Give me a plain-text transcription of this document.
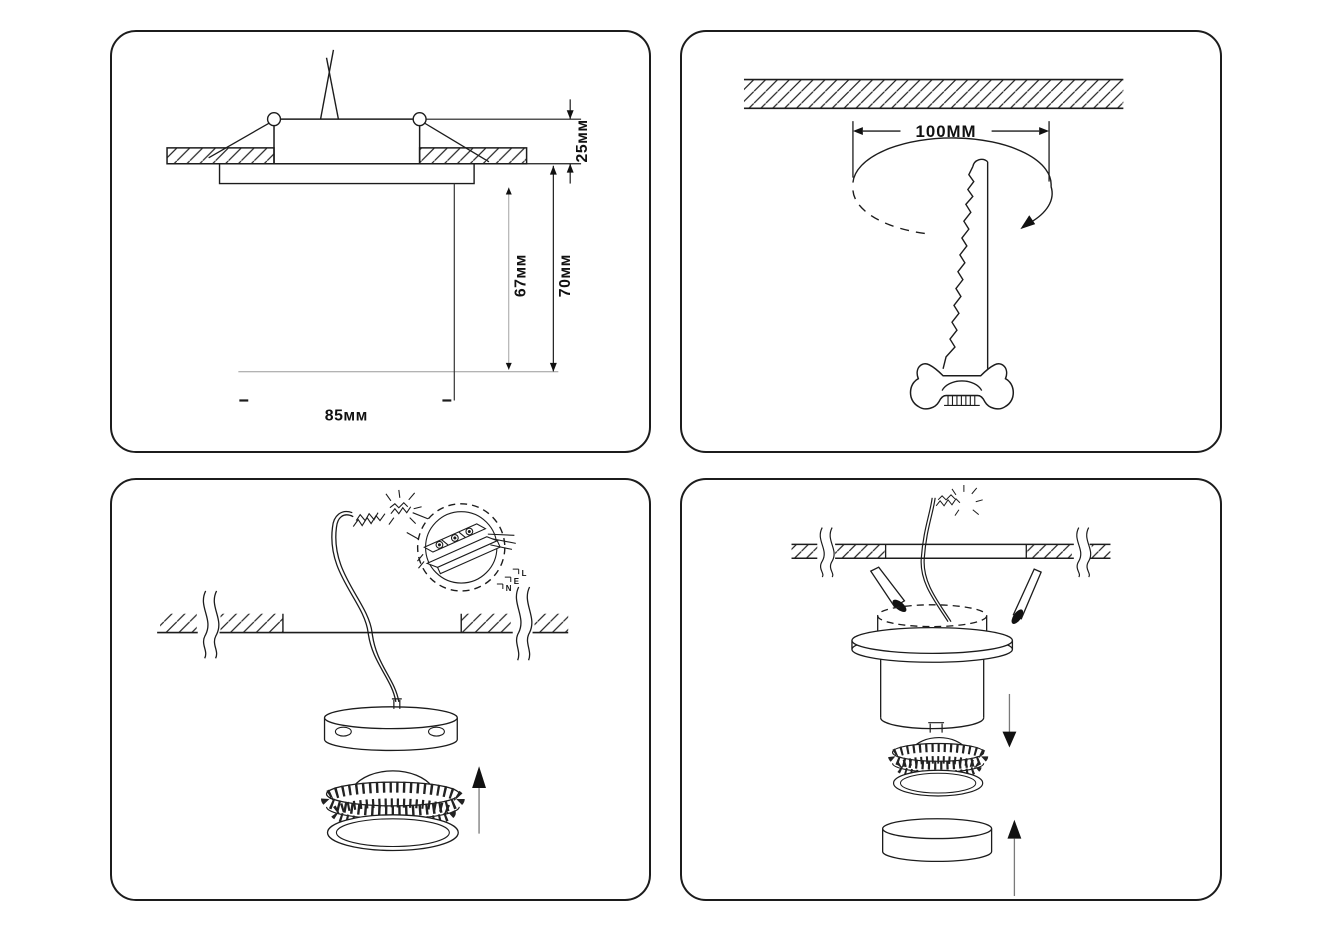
25мм
67мм 70мм
85мм
100MM
L
E
N
